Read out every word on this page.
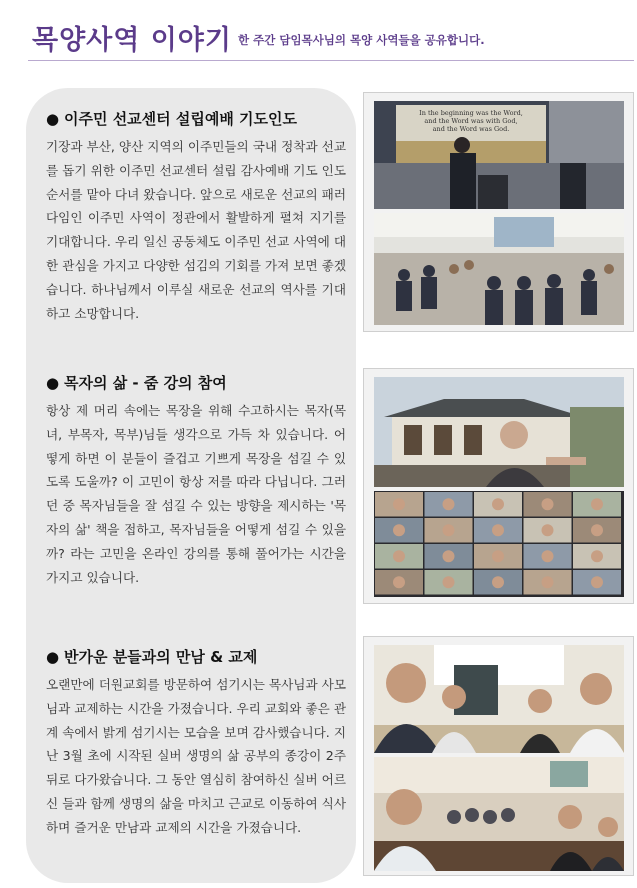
목양사역 이야기 한 주간 담임목사님의 목양 사역들을 공유합니다.
● 이주민 선교센터 설립예배 기도인도
기장과 부산, 양산 지역의 이주민들의 국내 정착과 선교를 돕기 위한 이주민 선교센터 설립 감사예배 기도 인도 순서를 맡아 다녀 왔습니다. 앞으로 새로운 선교의 패러다임인 이주민 사역이 정관에서 활발하게 펼쳐 지기를 기대합니다. 우리 일신 공동체도 이주민 선교 사역에 대한 관심을 가지고 다양한 섬김의 기회를 가져 보면 좋겠습니다. 하나님께서 이루실 새로운 선교의 역사를 기대하고 소망합니다.
● 목자의 삶 - 줌 강의 참여
항상 제 머리 속에는 목장을 위해 수고하시는 목자(목녀, 부목자, 목부)님들 생각으로 가득 차 있습니다. 어떻게 하면 이 분들이 즐겁고 기쁘게 목장을 섬길 수 있도록 도울까? 이 고민이 항상 저를 따라 다닙니다. 그러던 중 목자님들을 잘 섬길 수 있는 방향을 제시하는 '목자의 삶' 책을 접하고, 목자님들을 어떻게 섬길 수 있을까? 라는 고민을 온라인 강의를 통해 풀어가는 시간을 가지고 있습니다.
● 반가운 분들과의 만남 & 교제
오랜만에 더원교회를 방문하여 섬기시는 목사님과 사모님과 교제하는 시간을 가졌습니다. 우리 교회와 좋은 관계 속에서 밝게 섬기시는 모습을 보며 감사했습니다. 지난 3월 초에 시작된 실버 생명의 삶 공부의 종강이 2주 뒤로 다가왔습니다. 그 동안 열심히 참여하신 실버 어르신 들과 함께 생명의 삶을 마치고 근교로 이동하여 식사하며 즐거운 만남과 교제의 시간을 가졌습니다.
In the beginning was the Word,
and the Word was with God,
and the Word was God.
